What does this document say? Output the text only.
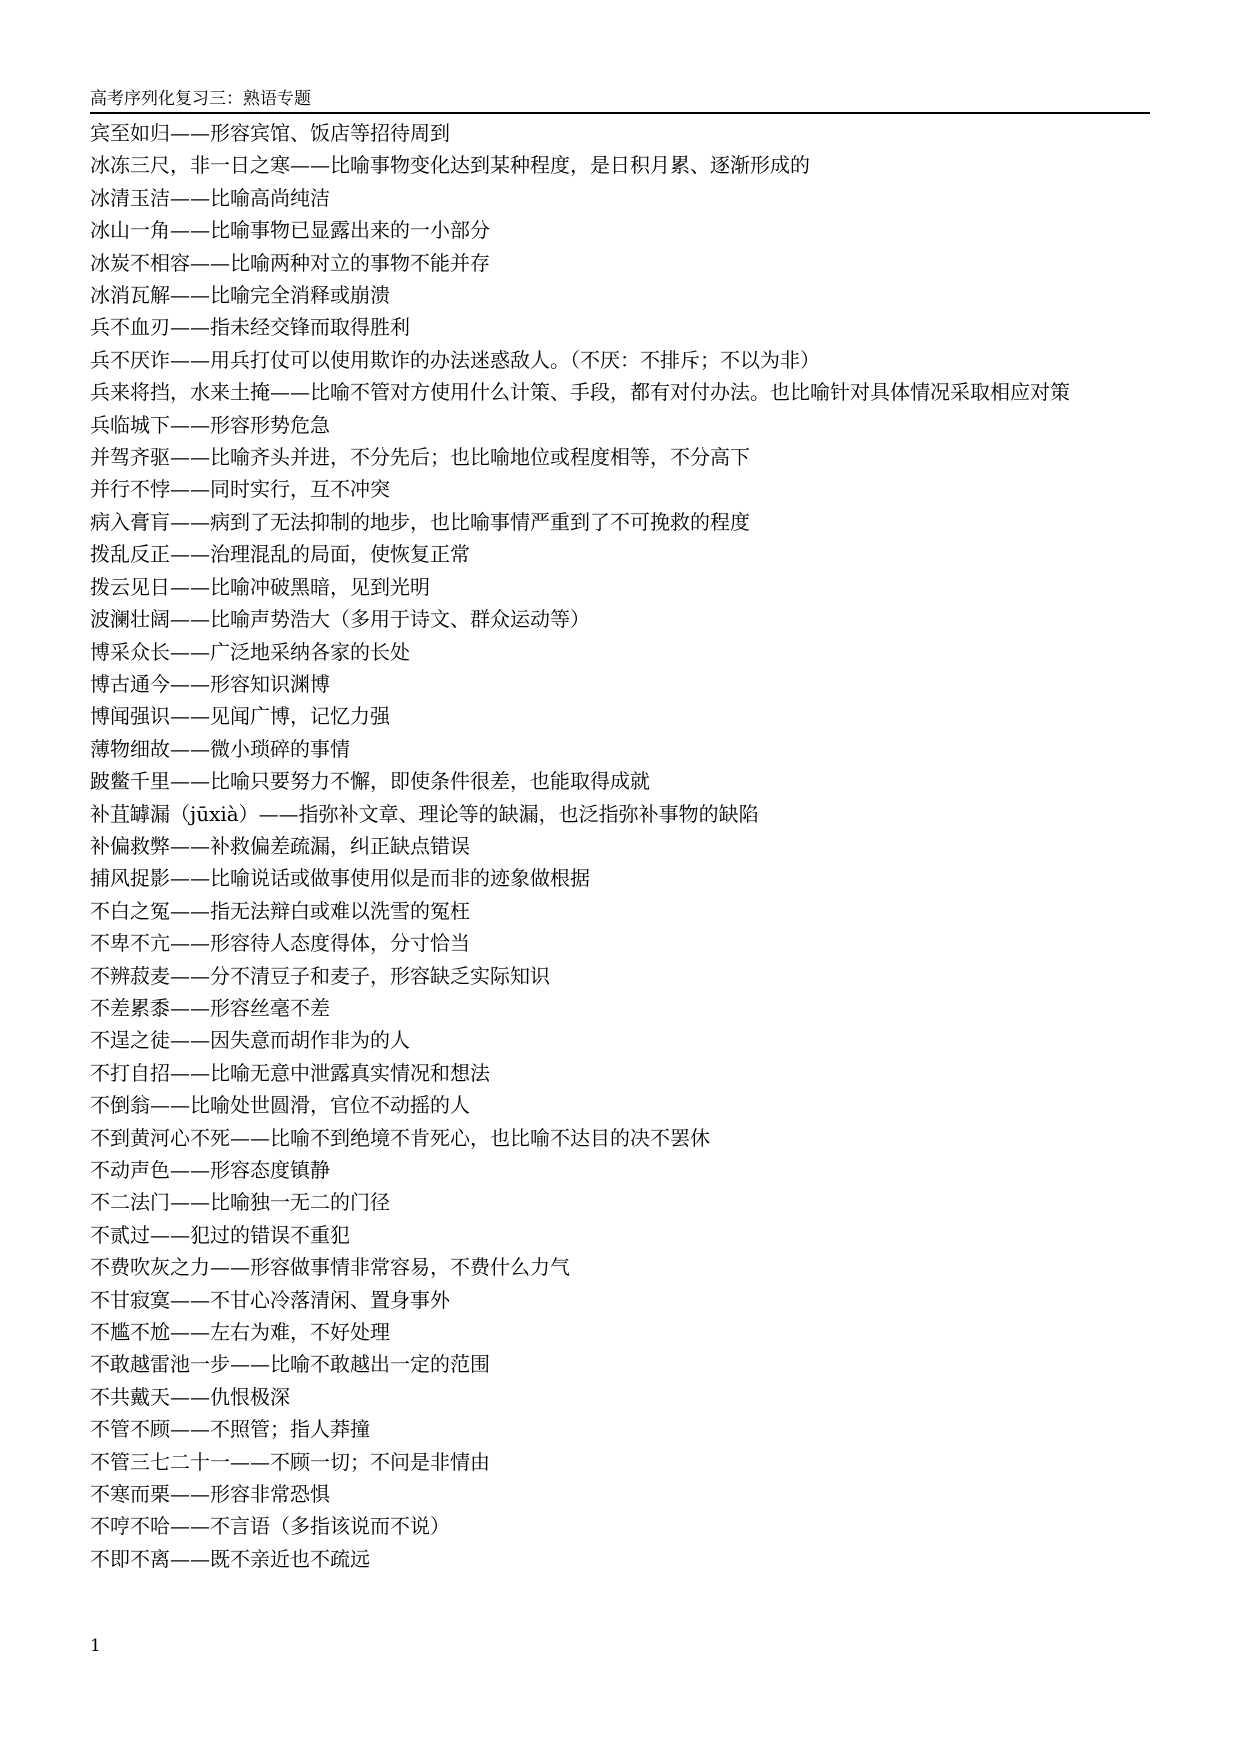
高考序列化复习三：熟语专题

宾至如归——形容宾馆、饭店等招待周到

冰冻三尺，非一日之寒——比喻事物变化达到某种程度，是日积月累、逐渐形成的

冰清玉洁——比喻高尚纯洁

冰山一角——比喻事物已显露出来的一小部分

冰炭不相容——比喻两种对立的事物不能并存

冰消瓦解——比喻完全消释或崩溃

兵不血刃——指未经交锋而取得胜利

兵不厌诈——用兵打仗可以使用欺诈的办法迷惑敌人。（不厌：不排斥；不以为非）

兵来将挡，水来土掩——比喻不管对方使用什么计策、手段，都有对付办法。也比喻针对具体情况采取相应对策

兵临城下——形容形势危急

并驾齐驱——比喻齐头并进，不分先后；也比喻地位或程度相等，不分高下

并行不悖——同时实行，互不冲突

病入膏肓——病到了无法抑制的地步，也比喻事情严重到了不可挽救的程度

拨乱反正——治理混乱的局面，使恢复正常

拨云见日——比喻冲破黑暗，见到光明

波澜壮阔——比喻声势浩大（多用于诗文、群众运动等）

博采众长——广泛地采纳各家的长处

博古通今——形容知识渊博

博闻强识——见闻广博，记忆力强

薄物细故——微小琐碎的事情

跛鳖千里——比喻只要努力不懈，即使条件很差，也能取得成就

补苴罅漏（jūxià）——指弥补文章、理论等的缺漏，也泛指弥补事物的缺陷

补偏救弊——补救偏差疏漏，纠正缺点错误

捕风捉影——比喻说话或做事使用似是而非的迹象做根据

不白之冤——指无法辩白或难以洗雪的冤枉

不卑不亢——形容待人态度得体，分寸恰当

不辨菽麦——分不清豆子和麦子，形容缺乏实际知识

不差累黍——形容丝毫不差

不逞之徒——因失意而胡作非为的人

不打自招——比喻无意中泄露真实情况和想法

不倒翁——比喻处世圆滑，官位不动摇的人

不到黄河心不死——比喻不到绝境不肯死心，也比喻不达目的决不罢休

不动声色——形容态度镇静

不二法门——比喻独一无二的门径

不贰过——犯过的错误不重犯

不费吹灰之力——形容做事情非常容易，不费什么力气

不甘寂寞——不甘心冷落清闲、置身事外

不尴不尬——左右为难，不好处理

不敢越雷池一步——比喻不敢越出一定的范围

不共戴天——仇恨极深

不管不顾——不照管；指人莽撞

不管三七二十一——不顾一切；不问是非情由

不寒而栗——形容非常恐惧

不哼不哈——不言语（多指该说而不说）

不即不离——既不亲近也不疏远

1
